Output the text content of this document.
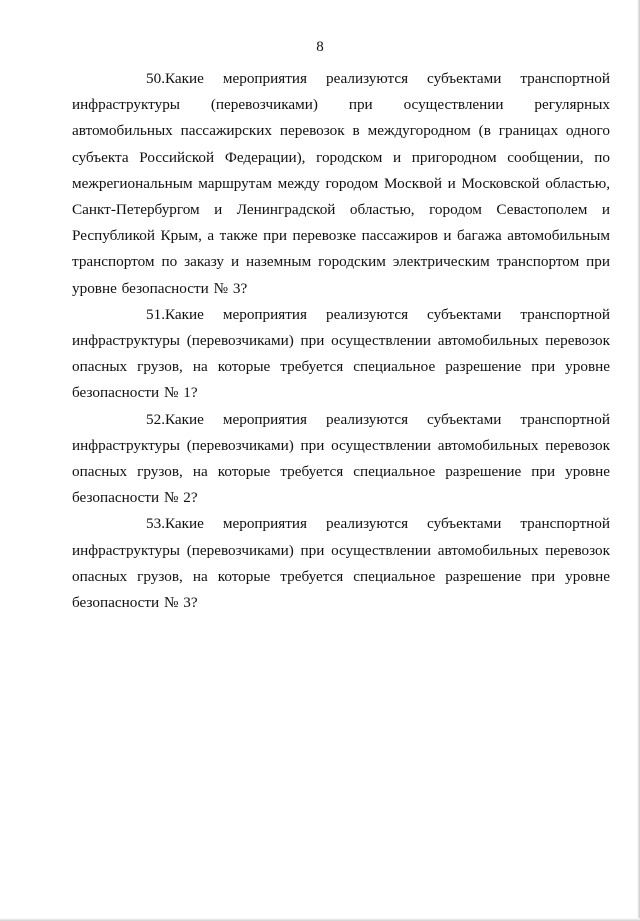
8

50.Какие мероприятия реализуются субъектами транспортной инфраструктуры (перевозчиками) при осуществлении регулярных автомобильных пассажирских перевозок в междугородном (в границах одного субъекта Российской Федерации), городском и пригородном сообщении, по межрегиональным маршрутам между городом Москвой и Московской областью, Санкт-Петербургом и Ленинградской областью, городом Севастополем и Республикой Крым, а также при перевозке пассажиров и багажа автомобильным транспортом по заказу и наземным городским электрическим транспортом при уровне безопасности № 3?

51.Какие мероприятия реализуются субъектами транспортной инфраструктуры (перевозчиками) при осуществлении автомобильных перевозок опасных грузов, на которые требуется специальное разрешение при уровне безопасности № 1?

52.Какие мероприятия реализуются субъектами транспортной инфраструктуры (перевозчиками) при осуществлении автомобильных перевозок опасных грузов, на которые требуется специальное разрешение при уровне безопасности № 2?

53.Какие мероприятия реализуются субъектами транспортной инфраструктуры (перевозчиками) при осуществлении автомобильных перевозок опасных грузов, на которые требуется специальное разрешение при уровне безопасности № 3?
